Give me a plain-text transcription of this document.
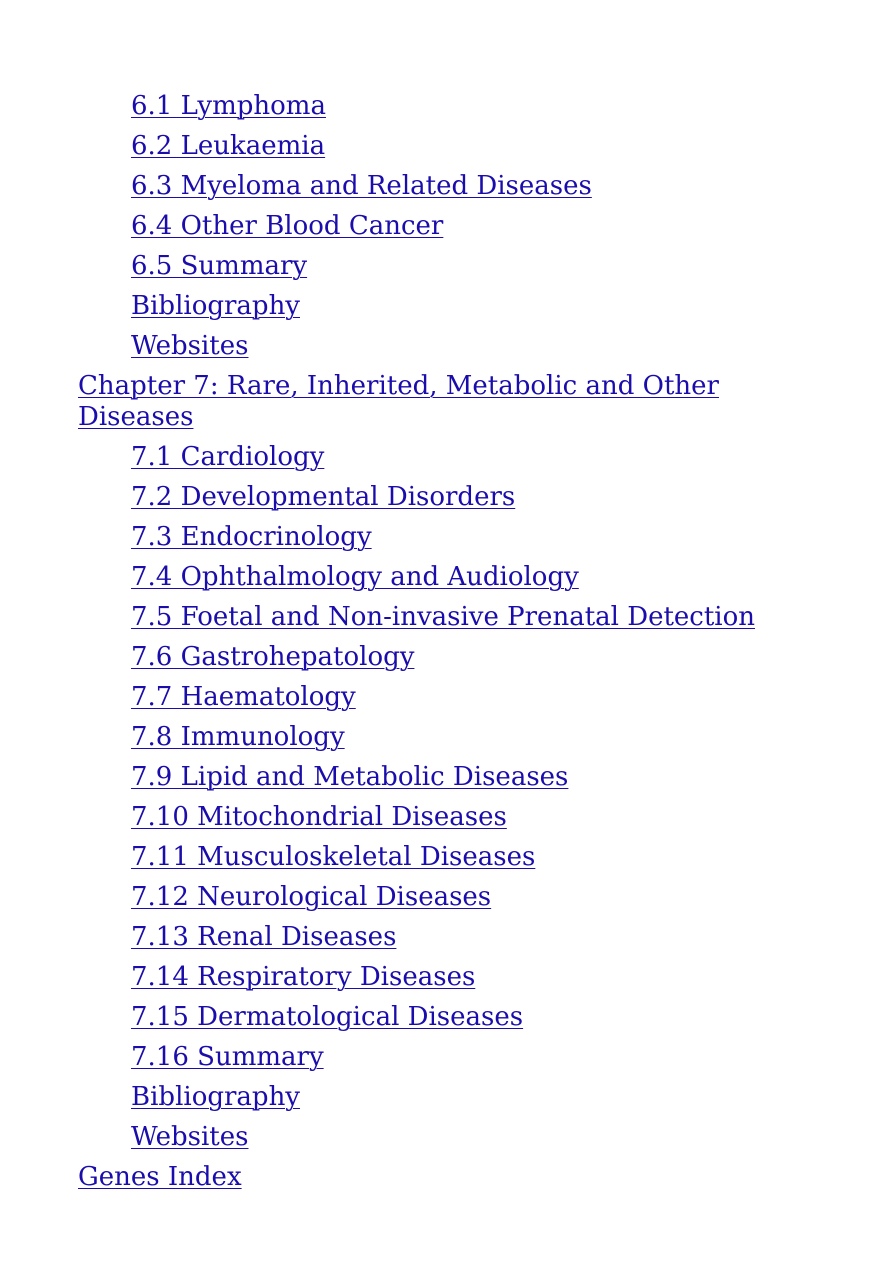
6.1 Lymphoma
6.2 Leukaemia
6.3 Myeloma and Related Diseases
6.4 Other Blood Cancer
6.5 Summary
Bibliography
Websites
Chapter 7: Rare, Inherited, Metabolic and Other Diseases
7.1 Cardiology
7.2 Developmental Disorders
7.3 Endocrinology
7.4 Ophthalmology and Audiology
7.5 Foetal and Non-invasive Prenatal Detection
7.6 Gastrohepatology
7.7 Haematology
7.8 Immunology
7.9 Lipid and Metabolic Diseases
7.10 Mitochondrial Diseases
7.11 Musculoskeletal Diseases
7.12 Neurological Diseases
7.13 Renal Diseases
7.14 Respiratory Diseases
7.15 Dermatological Diseases
7.16 Summary
Bibliography
Websites
Genes Index
